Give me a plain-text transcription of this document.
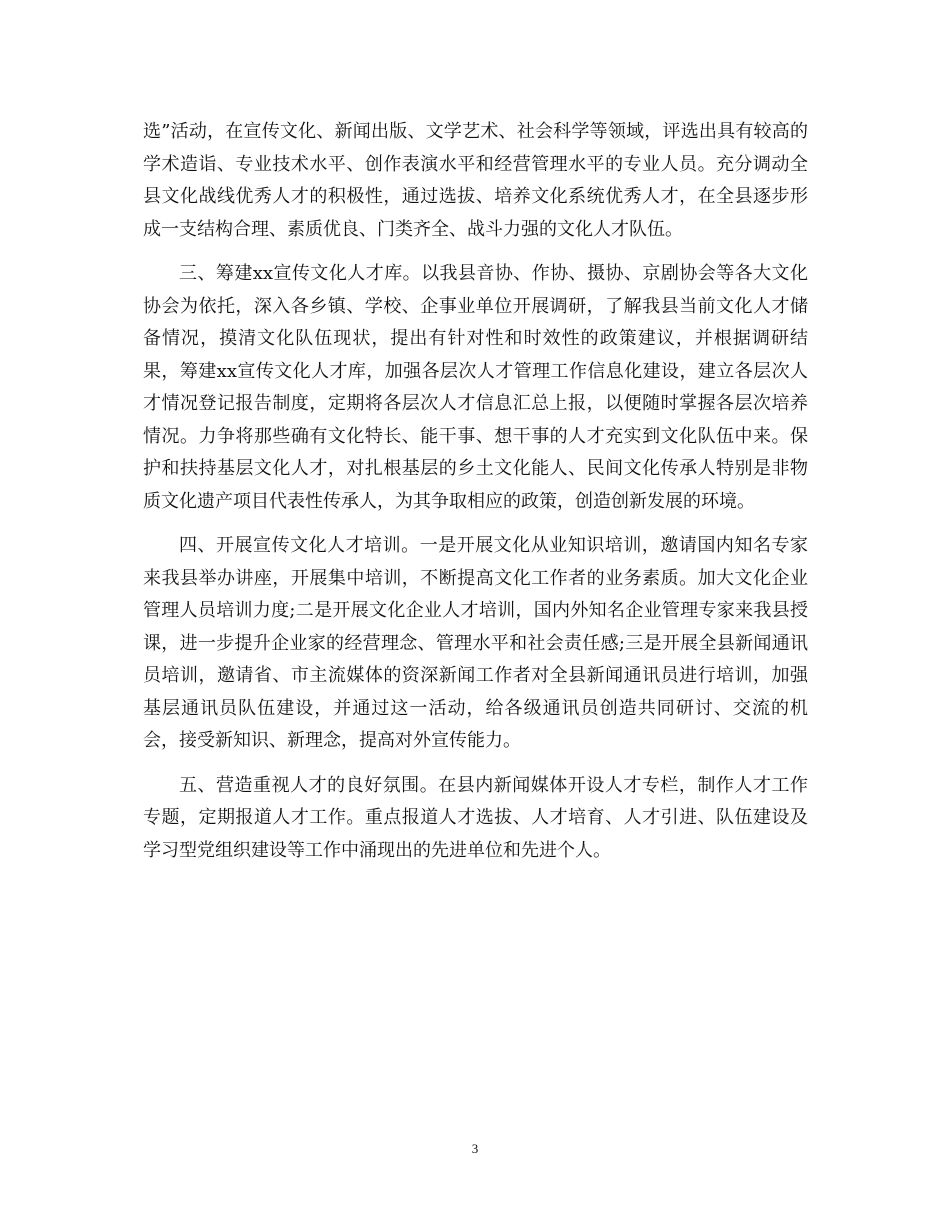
选”活动，在宣传文化、新闻出版、文学艺术、社会科学等领域，评选出具有较高的学术造诣、专业技术水平、创作表演水平和经营管理水平的专业人员。充分调动全县文化战线优秀人才的积极性，通过选拔、培养文化系统优秀人才，在全县逐步形成一支结构合理、素质优良、门类齐全、战斗力强的文化人才队伍。

三、筹建xx宣传文化人才库。以我县音协、作协、摄协、京剧协会等各大文化协会为依托，深入各乡镇、学校、企事业单位开展调研，了解我县当前文化人才储备情况，摸清文化队伍现状，提出有针对性和时效性的政策建议，并根据调研结果，筹建xx宣传文化人才库，加强各层次人才管理工作信息化建设，建立各层次人才情况登记报告制度，定期将各层次人才信息汇总上报，以便随时掌握各层次培养情况。力争将那些确有文化特长、能干事、想干事的人才充实到文化队伍中来。保护和扶持基层文化人才，对扎根基层的乡土文化能人、民间文化传承人特别是非物质文化遗产项目代表性传承人，为其争取相应的政策，创造创新发展的环境。

四、开展宣传文化人才培训。一是开展文化从业知识培训，邀请国内知名专家来我县举办讲座，开展集中培训，不断提高文化工作者的业务素质。加大文化企业管理人员培训力度;二是开展文化企业人才培训，国内外知名企业管理专家来我县授课，进一步提升企业家的经营理念、管理水平和社会责任感;三是开展全县新闻通讯员培训，邀请省、市主流媒体的资深新闻工作者对全县新闻通讯员进行培训，加强基层通讯员队伍建设，并通过这一活动，给各级通讯员创造共同研讨、交流的机会，接受新知识、新理念，提高对外宣传能力。

五、营造重视人才的良好氛围。在县内新闻媒体开设人才专栏，制作人才工作专题，定期报道人才工作。重点报道人才选拔、人才培育、人才引进、队伍建设及学习型党组织建设等工作中涌现出的先进单位和先进个人。

3
